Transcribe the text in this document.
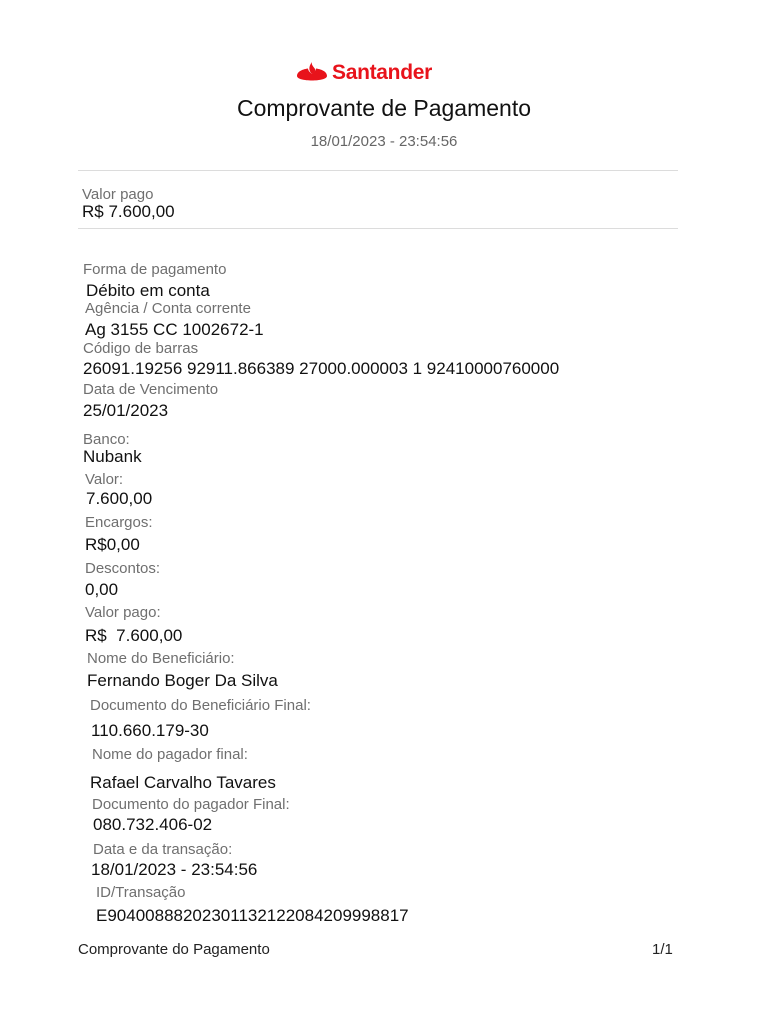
Santander
Comprovante de Pagamento
18/01/2023 - 23:54:56
Valor pago
R$ 7.600,00
Forma de pagamento
Débito em conta
Agência / Conta corrente
Ag 3155 CC 1002672-1
Código de barras
26091.19256 92911.866389 27000.000003 1 92410000760000
Data de Vencimento
25/01/2023
Banco:
Nubank
Valor:
7.600,00
Encargos:
R$0,00
Descontos:
0,00
Valor pago:
R$  7.600,00
Nome do Beneficiário:
Fernando Boger Da Silva
Documento do Beneficiário Final:
110.660.179-30
Nome do pagador final:
Rafael Carvalho Tavares
Documento do pagador Final:
080.732.406-02
Data e da transação:
18/01/2023 - 23:54:56
ID/Transação
E90400888202301132122084209998817
Comprovante do Pagamento	1/1
